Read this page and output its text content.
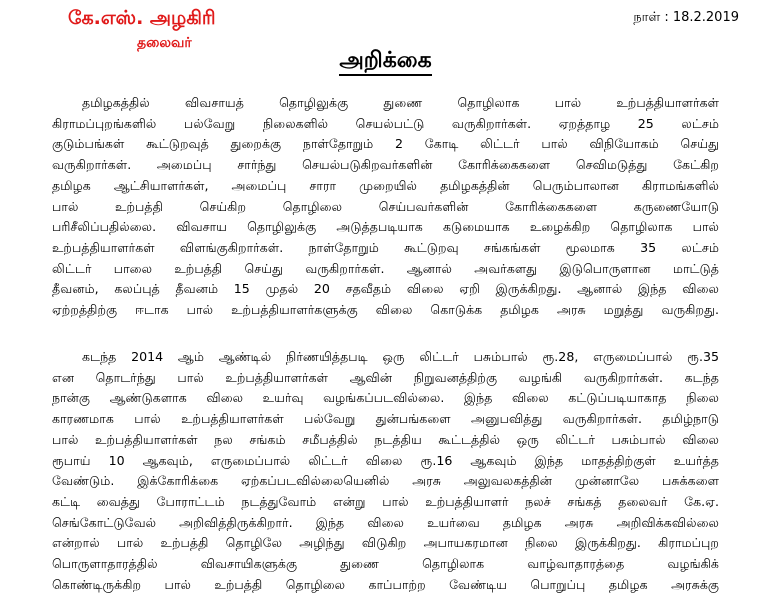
கே.எஸ். அழகிரி
தலைவர்
நாள் : 18.2.2019
அறிக்கை
தமிழகத்தில் விவசாயத் தொழிலுக்கு துணை தொழிலாக பால் உற்பத்தியாளர்கள்
கிராமப்புறங்களில் பல்வேறு நிலைகளில் செயல்பட்டு வருகிறார்கள். ஏறத்தாழ 25 லட்சம்
குடும்பங்கள் கூட்டுறவுத் துறைக்கு நாள்தோறும் 2 கோடி லிட்டர் பால் விநியோகம் செய்து
வருகிறார்கள். அமைப்பு சார்ந்து செயல்படுகிறவர்களின் கோரிக்கைகளை செவிமடுத்து கேட்கிற
தமிழக ஆட்சியாளர்கள், அமைப்பு சாரா முறையில் தமிழகத்தின் பெரும்பாலான கிராமங்களில்
பால் உற்பத்தி செய்கிற தொழிலை செய்பவர்களின் கோரிக்கைகளை கருணையோடு
பரிசீலிப்பதில்லை. விவசாய தொழிலுக்கு அடுத்தபடியாக கடுமையாக உழைக்கிற தொழிலாக பால்
உற்பத்தியாளர்கள் விளங்குகிறார்கள். நாள்தோறும் கூட்டுறவு சங்கங்கள் மூலமாக 35 லட்சம்
லிட்டர் பாலை உற்பத்தி செய்து வருகிறார்கள். ஆனால் அவர்களது இடுபொருளான மாட்டுத்
தீவனம், கலப்புத் தீவனம் 15 முதல் 20 சதவீதம் விலை ஏறி இருக்கிறது. ஆனால் இந்த விலை
ஏற்றத்திற்கு ஈடாக பால் உற்பத்தியாளர்களுக்கு விலை கொடுக்க தமிழக அரசு மறுத்து வருகிறது.
கடந்த 2014 ஆம் ஆண்டில் நிர்ணயித்தபடி ஒரு லிட்டர் பசும்பால் ரூ.28, எருமைப்பால் ரூ.35
என தொடர்ந்து பால் உற்பத்தியாளர்கள் ஆவின் நிறுவனத்திற்கு வழங்கி வருகிறார்கள். கடந்த
நான்கு ஆண்டுகளாக விலை உயர்வு வழங்கப்படவில்லை. இந்த விலை கட்டுப்படியாகாத நிலை
காரணமாக பால் உற்பத்தியாளர்கள் பல்வேறு துன்பங்களை அனுபவித்து வருகிறார்கள். தமிழ்நாடு
பால் உற்பத்தியாளர்கள் நல சங்கம் சமீபத்தில் நடத்திய கூட்டத்தில் ஒரு லிட்டர் பசும்பால் விலை
ரூபாய் 10 ஆகவும், எருமைப்பால் லிட்டர் விலை ரூ.16 ஆகவும் இந்த மாதத்திற்குள் உயர்த்த
வேண்டும். இக்கோரிக்கை ஏற்கப்படவில்லையெனில் அரசு அலுவலகத்தின் முன்னாலே பசுக்களை
கட்டி வைத்து போராட்டம் நடத்துவோம் என்று பால் உற்பத்தியாளர் நலச் சங்கத் தலைவர் கே.ஏ.
செங்கோட்டுவேல் அறிவித்திருக்கிறார். இந்த விலை உயர்வை தமிழக அரசு அறிவிக்கவில்லை
என்றால் பால் உற்பத்தி தொழிலே அழிந்து விடுகிற அபாயகரமான நிலை இருக்கிறது. கிராமப்புற
பொருளாதாரத்தில் விவசாயிகளுக்கு துணை தொழிலாக வாழ்வாதாரத்தை வழங்கிக்
கொண்டிருக்கிற பால் உற்பத்தி தொழிலை காப்பாற்ற வேண்டிய பொறுப்பு தமிழக அரசுக்கு
